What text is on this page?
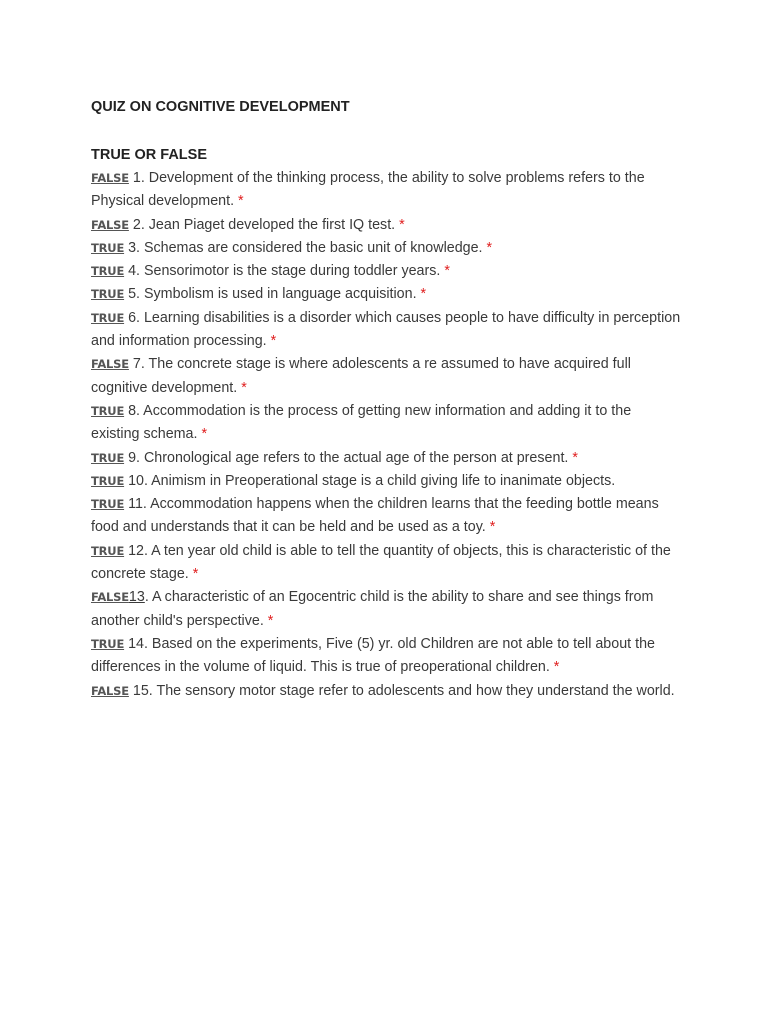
QUIZ ON COGNITIVE DEVELOPMENT
TRUE OR FALSE

FALSE 1. Development of the thinking process, the ability to solve problems refers to the Physical development. *

FALSE 2. Jean Piaget developed the first IQ test. *

TRUE 3. Schemas are considered the basic unit of knowledge. *

TRUE 4. Sensorimotor is the stage during toddler years. *

TRUE 5. Symbolism is used in language acquisition. *

TRUE 6. Learning disabilities is a disorder which causes people to have difficulty in perception and information processing. *

FALSE 7. The concrete stage is where adolescents a re assumed to have acquired full cognitive development. *

TRUE 8. Accommodation is the process of getting new information and adding it to the existing schema. *

TRUE 9. Chronological age refers to the actual age of the person at present. *

TRUE 10. Animism in Preoperational stage is a child giving life to inanimate objects.

TRUE 11. Accommodation happens when the children learns that the feeding bottle means food and understands that it can be held and be used as a toy. *

TRUE 12. A ten year old child is able to tell the quantity of objects, this is characteristic of the concrete stage. *

FALSE13. A characteristic of an Egocentric child is the ability to share and see things from another child's perspective. *

TRUE 14. Based on the experiments, Five (5) yr. old Children are not able to tell about the differences in the volume of liquid. This is true of preoperational children. *

FALSE 15. The sensory motor stage refer to adolescents and how they understand the world.
